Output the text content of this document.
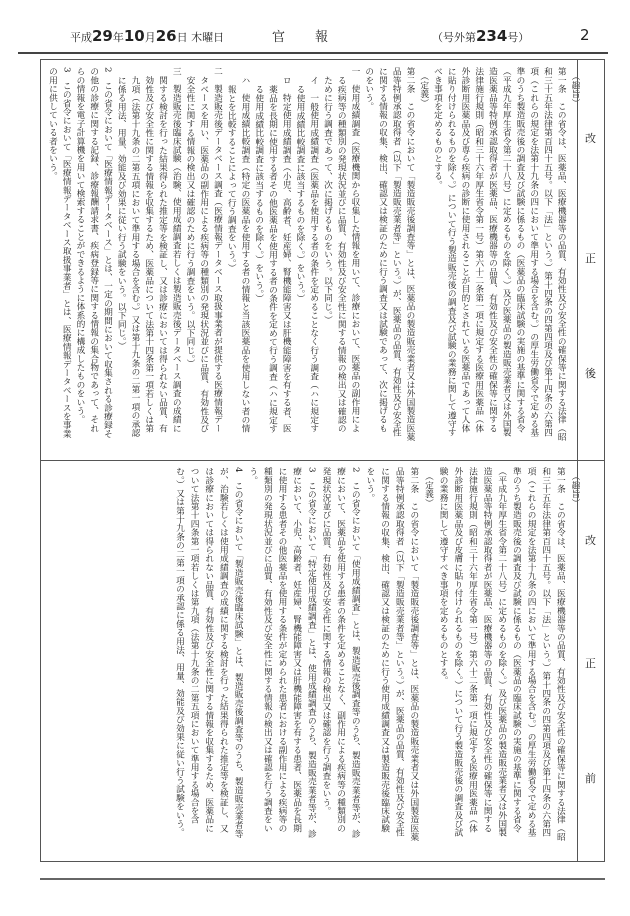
平成29年10月26日 木曜日	官報	（号外第234号）	2
（趣旨）
第一条　この省令は、医薬品、医療機器等の品質、有効性及び安全性の確保等に関する法律（昭
和三十五年法律第百四十五号。以下「法」という。）第十四条の四第四項及び第十四条の六第四
項（これらの規定を法第十九条の四において準用する場合を含む。）の厚生労働省令で定める基
準のうち製造販売後の調査及び試験に係るもの（医薬品の臨床試験の実施の基準に関する省令
（平成九年厚生省令第二十八号）に定めるものを除く。）及び医薬品の製造販売業者又は外国製
造医薬品等特例承認取得者が医薬品、医療機器等の品質、有効性及び安全性の確保等に関する
法律施行規則（昭和三十六年厚生省令第一号）第六十二条第一項に規定する医療用医薬品（体
外診断用医薬品及び専ら疾病の診断に使用されることが目的とされている医薬品であって人体
に貼り付けられるものを除く。）について行う製造販売後の調査及び試験の業務に関して遵守す
べき事項を定めるものとする。
（定義）
第二条　この省令において「製造販売後調査等」とは、医薬品の製造販売業者又は外国製造医薬
品等特例承認取得者（以下「製造販売業者等」という。）が、医薬品の品質、有効性及び安全性
に関する情報の収集、検出、確認又は検証のために行う調査又は試験であって、次に掲げるも
のをいう。
一　使用成績調査（医療機関から収集した情報を用いて、診療において、医薬品の副作用によ
る疾病等の種類別の発現状況並びに品質、有効性及び安全性に関する情報の検出又は確認の
ために行う調査であって、次に掲げるものをいう。以下同じ。）
イ　一般使用成績調査（医薬品を使用する者の条件を定めることなく行う調査（ハに規定す
る使用成績比較調査に該当するものを除く。）をいう。）
ロ　特定使用成績調査（小児、高齢者、妊産婦、腎機能障害又は肝機能障害を有する者、医
薬品を長期に使用する者その他医薬品を使用する者の条件を定めて行う調査（ハに規定す
る使用成績比較調査に該当するものを除く。）をいう。）
ハ　使用成績比較調査（特定の医薬品を使用する者の情報と当該医薬品を使用しない者の情
報とを比較することによって行う調査をいう。）
二　製造販売後データベース調査（医療情報データベース取扱事業者が提供する医療情報デー
タベースを用い、医薬品の副作用による疾病等の種類別の発現状況並びに品質、有効性及び
安全性に関する情報の検出又は確認のために行う調査をいう。以下同じ。）
三　製造販売後臨床試験（治験、使用成績調査若しくは製造販売後データベース調査の成績に
関する検討を行った結果得られた推定等を検証し、又は診療においては得られない品質、有
効性及び安全性に関する情報を収集するため、医薬品について法第十四条第一項若しくは第
九項（法第十九条の二第五項において準用する場合を含む。）又は第十九条の二第一項の承認
に係る用法、用量、効能及び効果に従い行う試験をいう。以下同じ。）
2　この省令において「医療情報データベース」とは、一定の期間において収集される診療録そ
の他の診療に関する記録、診療報酬請求書、疾病登録等に関する情報の集合物であって、それ
らの情報を電子計算機を用いて検索することができるように体系的に構成したものをいう。
3　この省令において「医療情報データベース取扱事業者」とは、医療情報データベースを事業
の用に供している者をいう。
（趣旨）
第一条　この省令は、医薬品、医療機器等の品質、有効性及び安全性の確保等に関する法律（昭
和三十五年法律第百四十五号。以下「法」という。）第十四条の四第四項及び第十四条の六第四
項（これらの規定を法第十九条の四において準用する場合を含む。）の厚生労働省令で定める基
準のうち製造販売後の調査及び試験に係るもの（医薬品の臨床試験の実施の基準に関する省令
（平成九年厚生省令第二十八号）に定めるものを除く。）及び医薬品の製造販売業者又は外国製
造医薬品等特例承認取得者が医薬品、医療機器等の品質、有効性及び安全性の確保等に関する
法律施行規則（昭和三十六年厚生省令第一号）第六十二条第一項に規定する医療用医薬品（体
外診断用医薬品及び皮膚に貼り付けられるものを除く。）について行う製造販売後の調査及び試
験の業務に関して遵守すべき事項を定めるものとする。
（定義）
第二条　この省令において「製造販売後調査等」とは、医薬品の製造販売業者又は外国製造医薬
品等特例承認取得者（以下「製造販売業者等」という。）が、医薬品の品質、有効性及び安全性
に関する情報の収集、検出、確認又は検証のために行う使用成績調査又は製造販売後臨床試験
をいう。
2　この省令において「使用成績調査」とは、製造販売後調査等のうち、製造販売業者等が、診
療において、医薬品を使用する患者の条件を定めることなく、副作用による疾病等の種類別の
発現状況並びに品質、有効性及び安全性に関する情報の検出又は確認を行う調査をいう。
3　この省令において「特定使用成績調査」とは、使用成績調査のうち、製造販売業者等が、診
療において、小児、高齢者、妊産婦、腎機能障害又は肝機能障害を有する患者、医薬品を長期
に使用する患者その他医薬品を使用する条件が定められた患者における副作用による疾病等の
種類別の発現状況並びに品質、有効性及び安全性に関する情報の検出又は確認を行う調査をい
う。
4　この省令において「製造販売後臨床試験」とは、製造販売後調査等のうち、製造販売業者等
が、治験若しくは使用成績調査の成績に関する検討を行った結果得られた推定等を検証し、又
は診療においては得られない品質、有効性及び安全性に関する情報を収集するため、医薬品に
ついて法第十四条第一項若しくは第九項（法第十九条の二第五項において準用する場合を含
む。）又は第十九条の二第一項の承認に係る用法、用量、効能及び効果に従い行う試験をいう。
改
正
後
改
正
前
